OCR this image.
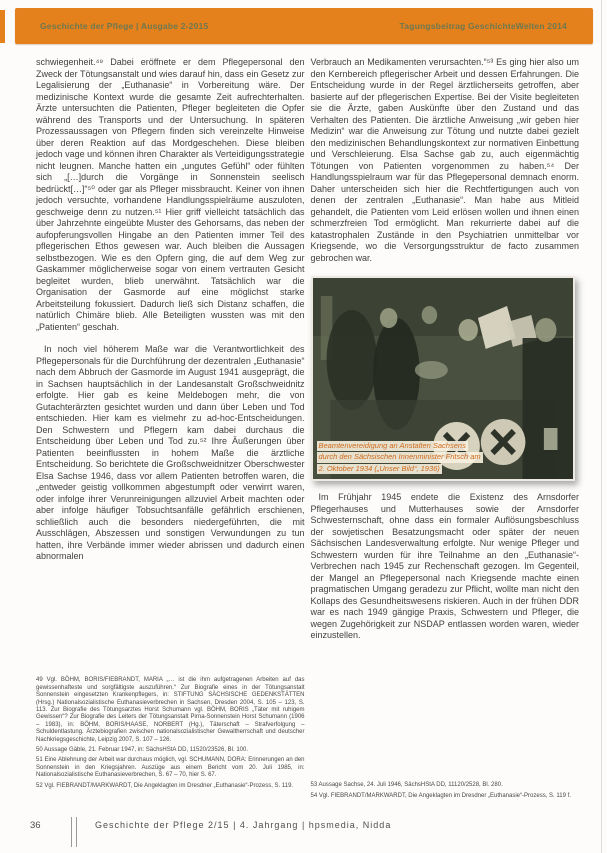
Geschichte der Pflege | Ausgabe 2-2015	Tagungsbeitrag GeschichteWelten 2014
schwiegenheit.⁴⁹ Dabei eröffnete er dem Pflegepersonal den Zweck der Tötungsanstalt und wies darauf hin, dass ein Gesetz zur Legalisierung der „Euthanasie“ in Vorbereitung wäre. Der medizinische Kontext wurde die gesamte Zeit aufrechterhalten. Ärzte untersuchten die Patienten, Pfleger begleiteten die Opfer während des Transports und der Untersuchung. In späteren Prozessaussagen von Pflegern finden sich vereinzelte Hinweise über deren Reaktion auf das Mordgeschehen. Diese bleiben jedoch vage und können ihren Charakter als Verteidigungsstrategie nicht leugnen. Manche hatten ein „ungutes Gefühl“ oder fühlten sich „[…]durch die Vorgänge in Sonnenstein seelisch bedrückt[…]“⁵⁰ oder gar als Pfleger missbraucht. Keiner von ihnen jedoch versuchte, vorhandene Handlungsspielräume auszuloten, geschweige denn zu nutzen.⁵¹ Hier griff vielleicht tatsächlich das über Jahrzehnte eingeübte Muster des Gehorsams, das neben der aufopferungsvollen Hingabe an den Patienten immer Teil des pflegerischen Ethos gewesen war. Auch bleiben die Aussagen selbstbezogen. Wie es den Opfern ging, die auf dem Weg zur Gaskammer möglicherweise sogar von einem vertrauten Gesicht begleitet wurden, blieb unerwähnt. Tatsächlich war die Organisation der Gasmorde auf eine möglichst starke Arbeitsteilung fokussiert. Dadurch ließ sich Distanz schaffen, die natürlich Chimäre blieb. Alle Beteiligten wussten was mit den „Patienten“ geschah.
In noch viel höherem Maße war die Verantwortlichkeit des Pflegepersonals für die Durchführung der dezentralen „Euthanasie“ nach dem Abbruch der Gasmorde im August 1941 ausgeprägt, die in Sachsen hauptsächlich in der Landesanstalt Großschweidnitz erfolgte. Hier gab es keine Meldebogen mehr, die von Gutachterärzten gesichtet wurden und dann über Leben und Tod entschieden. Hier kam es vielmehr zu ad-hoc-Entscheidungen. Den Schwestern und Pflegern kam dabei durchaus die Entscheidung über Leben und Tod zu.⁵² Ihre Äußerungen über Patienten beeinflussten in hohem Maße die ärztliche Entscheidung. So berichtete die Großschweidnitzer Oberschwester Elsa Sachse 1946, dass vor allem Patienten betroffen waren, die „entweder geistig vollkommen abgestumpft oder verwirrt waren, oder infolge ihrer Verunreinigungen allzuviel Arbeit machten oder aber infolge häufiger Tobsuchtsanfälle gefährlich erschienen, schließlich auch die besonders niedergeführten, die mit Ausschlägen, Abszessen und sonstigen Verwundungen zu tun hatten, ihre Verbände immer wieder abrissen und dadurch einen abnormalen

49 Vgl. BÖHM, BORIS/FIEBRANDT, MARIA „… ist die ihm aufgetragenen Arbeiten auf das gewissenhafteste und sorgfältigste auszuführen.“ Zur Biografie eines in der Tötungsanstalt Sonnenstein eingesetzten Krankenpflegers, in: STIFTUNG SÄCHSISCHE GEDENKSTÄTTEN (Hrsg.) Nationalsozialistische Euthanasieverbrechen in Sachsen, Dresden 2004, S. 105 – 123, S. 113. Zur Biografie des Tötungsarztes Horst Schumann vgl. BÖHM, BORIS „Täter mit ruhigem Gewissen“? Zur Biografie des Leiters der Tötungsanstalt Pirna-Sonnenstein Horst Schumann (1906 – 1983), in: BÖHM, BORIS/HAASE, NORBERT (Hg.), Täterschaft – Strafverfolgung – Schuldentlastung. Ärztebiografien zwischen nationalsozialistischer Gewaltherrschaft und deutscher Nachkriegsgeschichte, Leipzig 2007, S. 107 – 126.

50 Aussage Gäble, 21. Februar 1947, in: SächsHStA DD, 11520/23526, Bl. 100.

51 Eine Ablehnung der Arbeit war durchaus möglich, vgl. SCHUMANN, DORA: Erinnerungen an den Sonnenstein in den Kriegsjahren. Auszüge aus einem Bericht vom 20. Juli 1985, in: Nationalsozialistische Euthanasieverbrechen, S. 67 – 70, hier S. 67.

52 Vgl. FIEBRANDT/MARKWARDT, Die Angeklagten im Dresdner „Euthanasie“-Prozess, S. 119.

Verbrauch an Medikamenten verursachten.“⁵³ Es ging hier also um den Kernbereich pflegerischer Arbeit und dessen Erfahrungen. Die Entscheidung wurde in der Regel ärztlicherseits getroffen, aber basierte auf der pflegerischen Expertise. Bei der Visite begleiteten sie die Ärzte, gaben Auskünfte über den Zustand und das Verhalten des Patienten. Die ärztliche Anweisung „wir geben hier Medizin“ war die Anweisung zur Tötung und nutzte dabei gezielt den medizinischen Behandlungskontext zur normativen Einbettung und Verschleierung. Elsa Sachse gab zu, auch eigenmächtig Tötungen von Patienten vorgenommen zu haben.⁵⁴ Der Handlungsspielraum war für das Pflegepersonal demnach enorm. Daher unterscheiden sich hier die Rechtfertigungen auch von denen der zentralen „Euthanasie“. Man habe aus Mitleid gehandelt, die Patienten vom Leid erlösen wollen und ihnen einen schmerzfreien Tod ermöglicht. Man rekurrierte dabei auf die katastrophalen Zustände in den Psychiatrien unmittelbar vor Kriegsende, wo die Versorgungsstruktur de facto zusammen gebrochen war.
Beamtenvereidigung an Anstalten Sachsens
durch den Sächsischen Innenminister Fritsch am
2. Oktober 1934 („Unser Bild“, 1936)
Im Frühjahr 1945 endete die Existenz des Arnsdorfer Pflegerhauses und Mutterhauses sowie der Arnsdorfer Schwesternschaft, ohne dass ein formaler Auflösungsbeschluss der sowjetischen Besatzungsmacht oder später der neuen Sächsischen Landesverwaltung erfolgte. Nur wenige Pfleger und Schwestern wurden für ihre Teilnahme an den „Euthanasie“-Verbrechen nach 1945 zur Rechenschaft gezogen. Im Gegenteil, der Mangel an Pflegepersonal nach Kriegsende machte einen pragmatischen Umgang geradezu zur Pflicht, wollte man nicht den Kollaps des Gesundheitswesens riskieren. Auch in der frühen DDR war es nach 1949 gängige Praxis, Schwestern und Pfleger, die wegen Zugehörigkeit zur NSDAP entlassen worden waren, wieder einzustellen.

53 Aussage Sachse, 24. Juli 1946, SächsHStA DD, 11120/2528, Bl. 280.

54 Vgl. FIEBRANDT/MARKWARDT, Die Angeklagten im Dresdner „Euthanasie“-Prozess, S. 119 f.

36	Geschichte der Pflege 2/15 | 4. Jahrgang | hpsmedia, Nidda
